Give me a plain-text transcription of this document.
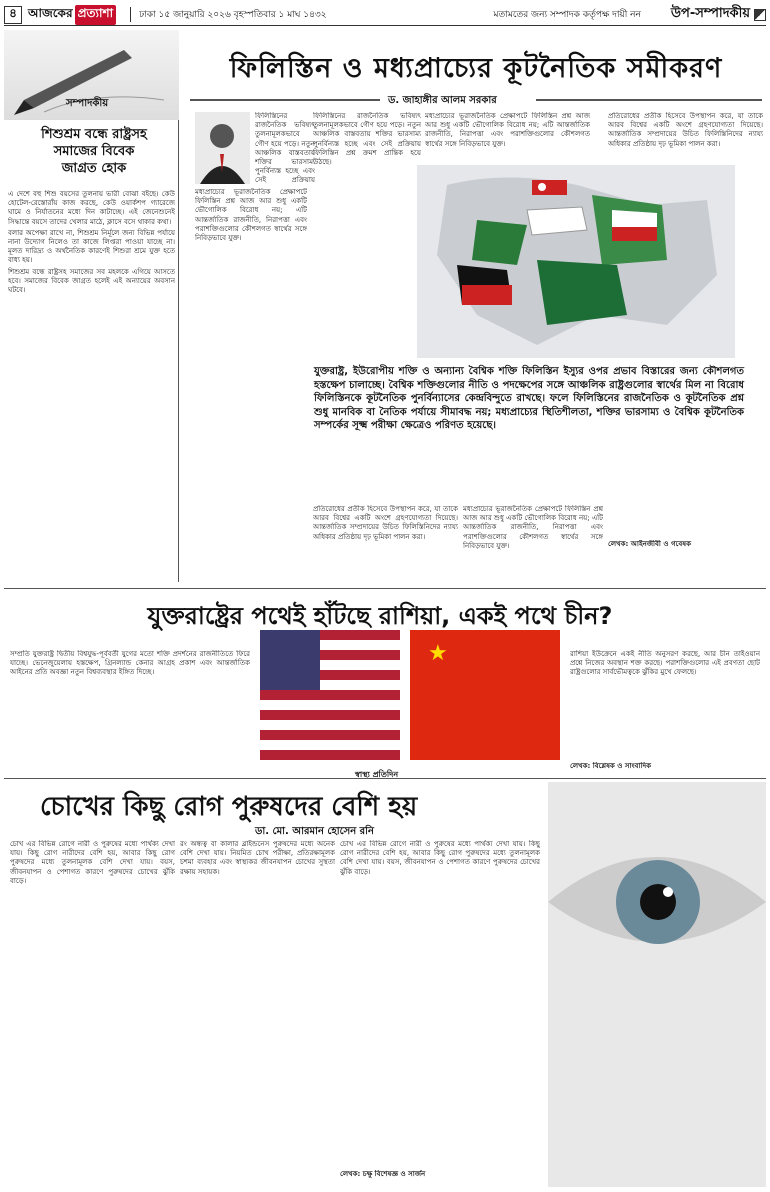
৪ আজকের প্রত্যাশা	ঢাকা ১৫ জানুয়ারি ২০২৬ বৃহস্পতিবার ১ মাঘ ১৪৩২	মতামতের জন্য সম্পাদক কর্তৃপক্ষ দায়ী নন উপ-সম্পাদকীয়
সম্পাদকীয়
শিশুশ্রম বন্ধে রাষ্ট্রসহ
সমাজের বিবেক
জাগ্রত হোক

এ দেশে বহু শিশু বয়সের তুলনায় ভারী বোঝা বইছে। কেউ হোটেল-রেস্তোরাঁয় কাজ করছে, কেউ ওয়ার্কশপ গ্যারেজে ঘামে ও নির্যাতনের মধ্যে দিন কাটাচ্ছে। এই জেনেশুনেই সিদ্ধান্তে বয়সে তাদের খেলার মাঠে, ক্লাসে বসে থাকার কথা।

বলার অপেক্ষা রাখে না, শিশুশ্রম নির্মূলে জন্য বিভিন্ন পর্যায়ে নানা উদ্যোগ নিলেও তা কাজে লিপ্তরা পাওয়া যাচ্ছে না। মূলত দারিদ্র্য ও অর্থনৈতিক কারণেই শিশুরা শ্রমে যুক্ত হতে বাধ্য হয়।

শিশুশ্রম বন্ধে রাষ্ট্রসহ সমাজের সব মহলকে এগিয়ে আসতে হবে। সমাজের বিবেক জাগ্রত হলেই এই অন্যায়ের অবসান ঘটবে।

ফিলিস্তিন ও মধ্যপ্রাচ্যের কূটনৈতিক সমীকরণ
ড. জাহাঙ্গীর আলম সরকার
মধ্যপ্রাচ্যের ভূরাজনৈতিক প্রেক্ষাপটে ফিলিস্তিন প্রশ্ন আজ আর শুধু একটি ভৌগোলিক বিরোধ নয়; এটি আন্তর্জাতিক রাজনীতি, নিরাপত্তা এবং পরাশক্তিগুলোর কৌশলগত স্বার্থের সঙ্গে নিবিড়ভাবে যুক্ত।
ফিলিস্তিনের রাজনৈতিক ভবিষ্যৎ তুলনামূলকভাবে গৌণ হয়ে পড়ে। নতুন আঞ্চলিক বাস্তবতায় শক্তির ভারসাম্য পুনর্বিন্যস্ত হচ্ছে এবং সেই প্রক্রিয়ায়
ফিলিস্তিনের রাজনৈতিক ভবিষ্যৎ তুলনামূলকভাবে গৌণ হয়ে পড়ে। নতুন আঞ্চলিক বাস্তবতায় শক্তির ভারসাম্য পুনর্বিন্যস্ত হচ্ছে এবং সেই প্রক্রিয়ায় ফিলিস্তিন প্রশ্ন ক্রমশ প্রান্তিক হয়ে উঠছে।
মধ্যপ্রাচ্যের ভূরাজনৈতিক প্রেক্ষাপটে ফিলিস্তিন প্রশ্ন আজ আর শুধু একটি ভৌগোলিক বিরোধ নয়; এটি আন্তর্জাতিক রাজনীতি, নিরাপত্তা এবং পরাশক্তিগুলোর কৌশলগত স্বার্থের সঙ্গে নিবিড়ভাবে যুক্ত।
যুক্তরাষ্ট্র, ইউরোপীয় শক্তি ও অন্যান্য বৈশ্বিক শক্তি ফিলিস্তিন ইস্যুর ওপর প্রভাব বিস্তারের জন্য কৌশলগত হস্তক্ষেপ চালাচ্ছে। বৈশ্বিক শক্তিগুলোর নীতি ও পদক্ষেপের সঙ্গে আঞ্চলিক রাষ্ট্রগুলোর স্বার্থের মিল না বিরোধ ফিলিস্তিনকে কূটনৈতিক পুনর্বিন্যাসের কেন্দ্রবিন্দুতে রাখছে। ফলে ফিলিস্তিনের রাজনৈতিক ও কূটনৈতিক প্রশ্ন শুধু মানবিক বা নৈতিক পর্যায়ে সীমাবদ্ধ নয়; মধ্যপ্রাচ্যের স্থিতিশীলতা, শক্তির ভারসাম্য ও বৈশ্বিক কূটনৈতিক সম্পর্কের সূক্ষ্ম পরীক্ষা ক্ষেত্রেও পরিণত হয়েছে।
প্রতিরোধের প্রতীক হিসেবে উপস্থাপন করে, যা তাকে আরব বিশ্বের একটি অংশে গ্রহণযোগ্যতা দিয়েছে। আন্তর্জাতিক সম্প্রদায়ের উচিত ফিলিস্তিনিদের ন্যায্য অধিকার প্রতিষ্ঠায় দৃঢ় ভূমিকা পালন করা।
মধ্যপ্রাচ্যের ভূরাজনৈতিক প্রেক্ষাপটে ফিলিস্তিন প্রশ্ন আজ আর শুধু একটি ভৌগোলিক বিরোধ নয়; এটি আন্তর্জাতিক রাজনীতি, নিরাপত্তা এবং পরাশক্তিগুলোর কৌশলগত স্বার্থের সঙ্গে নিবিড়ভাবে যুক্ত।
প্রতিরোধের প্রতীক হিসেবে উপস্থাপন করে, যা তাকে আরব বিশ্বের একটি অংশে গ্রহণযোগ্যতা দিয়েছে। আন্তর্জাতিক সম্প্রদায়ের উচিত ফিলিস্তিনিদের ন্যায্য অধিকার প্রতিষ্ঠায় দৃঢ় ভূমিকা পালন করা।
লেখক: আইনজীবী ও গবেষক
যুক্তরাষ্ট্রের পথেই হাঁটছে রাশিয়া, একই পথে চীন?
সম্প্রতি যুক্তরাষ্ট্র দ্বিতীয় বিশ্বযুদ্ধ-পূর্ববর্তী যুগের মতো শক্তি প্রদর্শনের রাজনীতিতে ফিরে যাচ্ছে। ভেনেজুয়েলায় হস্তক্ষেপ, গ্রিনল্যান্ড কেনার আগ্রহ প্রকাশ এবং আন্তর্জাতিক আইনের প্রতি অবজ্ঞা নতুন বিশ্বব্যবস্থার ইঙ্গিত দিচ্ছে।
★	রাশিয়া ইউক্রেনে একই নীতি অনুসরণ করছে, আর চীন তাইওয়ান প্রশ্নে নিজের অবস্থান শক্ত করছে। পরাশক্তিগুলোর এই প্রবণতা ছোট রাষ্ট্রগুলোর সার্বভৌমত্বকে ঝুঁকির মুখে ফেলছে।
লেখক: বিশ্লেষক ও সাংবাদিক
স্বাস্থ্য প্রতিদিন
চোখের কিছু রোগ পুরুষদের বেশি হয়
ডা. মো. আরমান হোসেন রনি
চোখ এর বিভিন্ন রোগে নারী ও পুরুষের মধ্যে পার্থক্য দেখা যায়। কিছু রোগ নারীদের বেশি হয়, আবার কিছু রোগ পুরুষদের মধ্যে তুলনামূলক বেশি দেখা যায়। বয়স, জীবনযাপন ও পেশাগত কারণে পুরুষদের চোখের ঝুঁকি বাড়ে।
রং অন্ধত্ব বা কালার ব্লাইন্ডনেস পুরুষদের মধ্যে অনেক বেশি দেখা যায়। নিয়মিত চোখ পরীক্ষা, প্রতিরক্ষামূলক চশমা ব্যবহার এবং স্বাস্থ্যকর জীবনযাপন চোখের সুস্থতা রক্ষায় সহায়ক।
চোখ এর বিভিন্ন রোগে নারী ও পুরুষের মধ্যে পার্থক্য দেখা যায়। কিছু রোগ নারীদের বেশি হয়, আবার কিছু রোগ পুরুষদের মধ্যে তুলনামূলক বেশি দেখা যায়। বয়স, জীবনযাপন ও পেশাগত কারণে পুরুষদের চোখের ঝুঁকি বাড়ে।
লেখক: চক্ষু বিশেষজ্ঞ ও সার্জন
